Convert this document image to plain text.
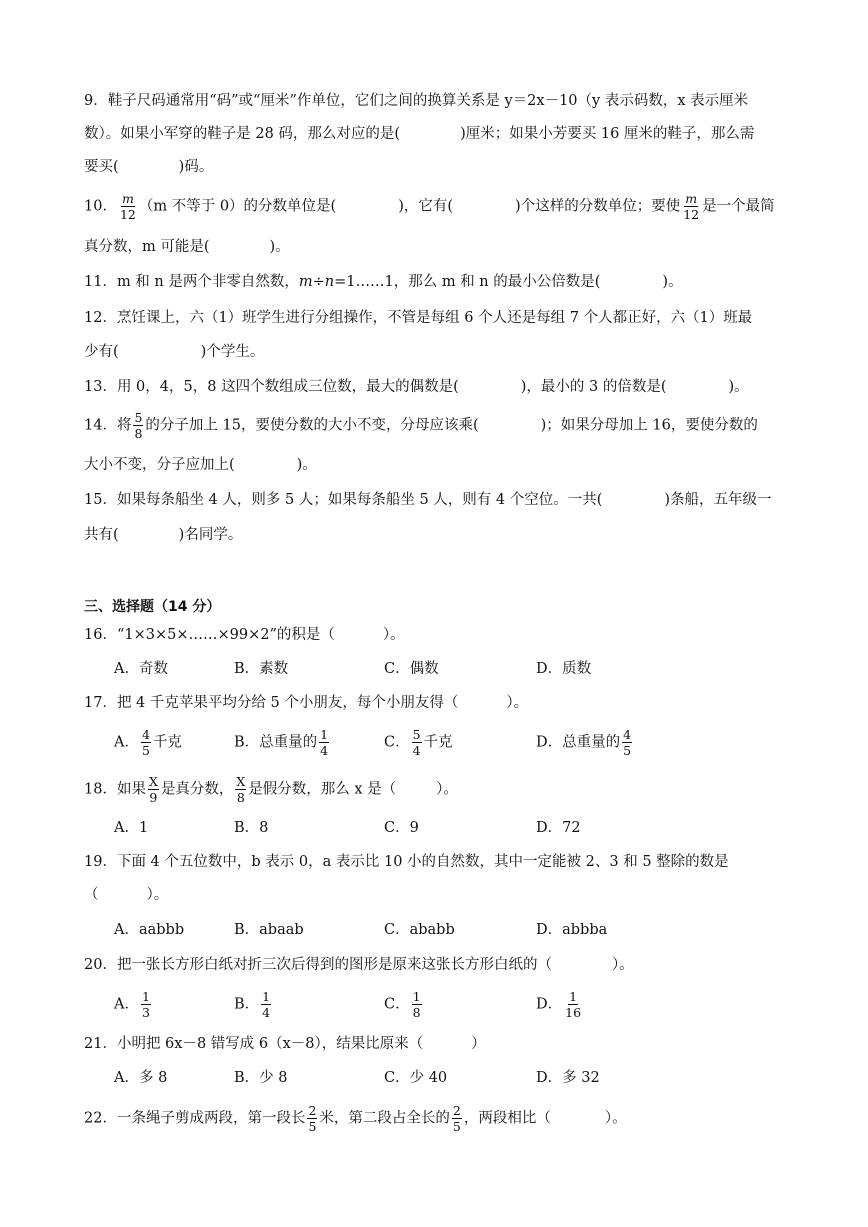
9．鞋子尺码通常用“码”或“厘米”作单位，它们之间的换算关系是 y＝2x－10（y 表示码数，x 表示厘米
数）。如果小军穿的鞋子是 28 码，那么对应的是(	)厘米；如果小芳要买 16 厘米的鞋子，那么需
要买(	)码。
10． $\frac{m}{12} (m$ 不等于 0）的分数单位是(	)，它有(	)个这样的分数单位；要使 $\frac{m}{12}$ 是一个最简
真分数，m 可能是(	)。
11．m 和 n 是两个非零自然数，m÷n=1……1，那么 m 和 n 的最小公倍数是(	)。
12．烹饪课上，六（1）班学生进行分组操作，不管是每组 6 个人还是每组 7 个人都正好，六（1）班最
少有(	)个学生。
13．用 0，4，5，8 这四个数组成三位数，最大的偶数是(	)，最小的 3 的倍数是(	)。
14．将 $\frac{5}{8}$ 的分子加上 15，要使分数的大小不变，分母应该乘(	)；如果分母加上 16，要使分数的
大小不变，分子应加上(	)。
15．如果每条船坐 4 人，则多 5 人；如果每条船坐 5 人，则有 4 个空位。一共(	)条船，五年级一
共有(	)名同学。
三、选择题（14 分）
16．“1×3×5×……×99×2”的积是（	）。
A．奇数	B．素数	C．偶数	D．质数
17．把 4 千克苹果平均分给 5 个小朋友，每个小朋友得（	）。
A． $\frac{4}{5}$ 千克	B．总重量的 $\frac{1}{4}$	C． $\frac{5}{4}$ 千克	D．总重量的 $\frac{4}{5}$
18．如果 $\frac{X}{9}$ 是真分数， $\frac{X}{8}$ 是假分数，那么 x 是（	）。
A．1	B．8	C．9	D．72
19．下面 4 个五位数中，b 表示 0，a 表示比 10 小的自然数，其中一定能被 2、3 和 5 整除的数是
（	）。
A．aabbb	B．abaab	C．ababb	D．abbba
20．把一张长方形白纸对折三次后得到的图形是原来这张长方形白纸的（	）。
A． $\frac{1}{3}$	B． $\frac{1}{4}$	C． $\frac{1}{8}$	D． $\frac{1}{16}$
21．小明把 6x－8 错写成 6（x－8），结果比原来（	）
A．多 8	B．少 8	C．少 40	D．多 32
22．一条绳子剪成两段，第一段长 $\frac{2}{5}$ 米，第二段占全长的 $\frac{2}{5}$ ，两段相比（	）。
